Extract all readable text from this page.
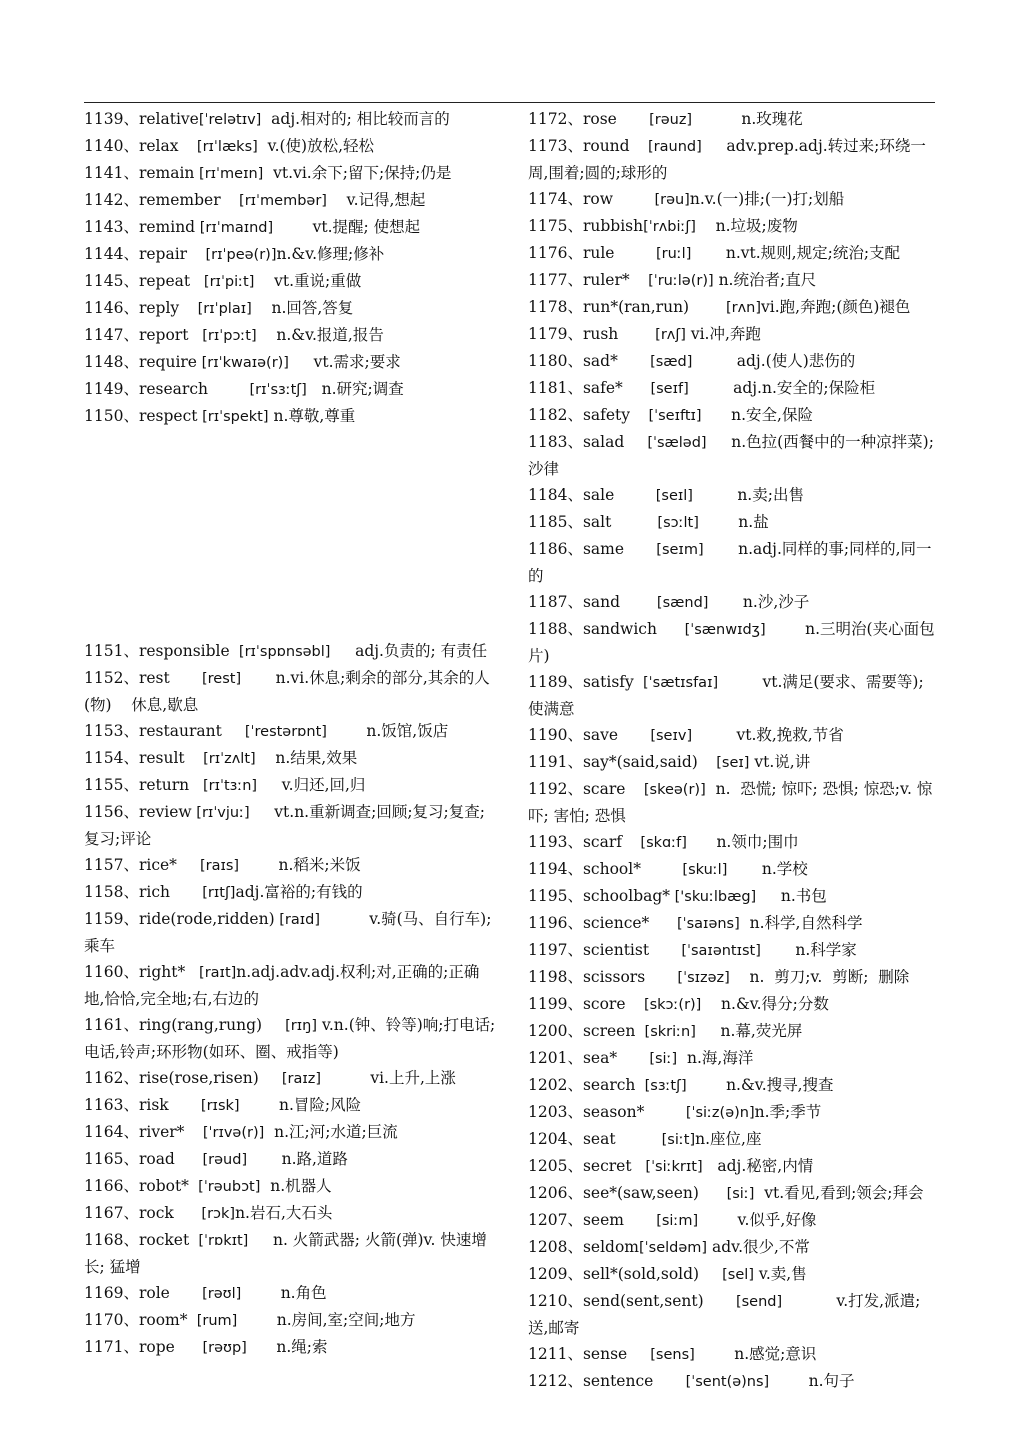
1139、relative[ˈrelətɪv]  adj.相对的; 相比较而言的
1140、relax    [rɪˈlæks]  v.(使)放松,轻松
1141、remain [rɪˈmeɪn]  vt.vi.余下;留下;保持;仍是
1142、remember    [rɪˈmembər]    v.记得,想起
1143、remind [rɪˈmaɪnd]        vt.提醒; 使想起
1144、repair    [rɪˈpeə(r)]n.&v.修理;修补
1145、repeat   [rɪˈpiːt]    vt.重说;重做
1146、reply    [rɪˈplaɪ]    n.回答,答复
1147、report   [rɪˈpɔːt]    n.&v.报道,报告
1148、require [rɪˈkwaɪə(r)]     vt.需求;要求
1149、research         [rɪˈsɜːtʃ]   n.研究;调查
1150、respect [rɪˈspekt] n.尊敬,尊重
1151、responsible  [rɪˈspɒnsəbl]     adj.负责的; 有责任
1152、rest       [rest]       n.vi.休息;剩余的部分,其余的人(物)    休息,歇息
1153、restaurant     [ˈrestərɒnt]        n.饭馆,饭店
1154、result    [rɪˈzʌlt]    n.结果,效果
1155、return   [rɪˈtɜːn]     v.归还,回,归
1156、review [rɪˈvjuː]     vt.n.重新调查;回顾;复习;复查;复习;评论
1157、rice*     [raɪs]        n.稻米;米饭
1158、rich       [rɪtʃ]adj.富裕的;有钱的
1159、ride(rode,ridden) [raɪd]          v.骑(马、自行车);乘车
1160、right*   [raɪt]n.adj.adv.adj.权利;对,正确的;正确地,恰恰,完全地;右,右边的
1161、ring(rang,rung)     [rɪŋ] v.n.(钟、铃等)响;打电话;电话,铃声;环形物(如环、圈、戒指等)
1162、rise(rose,risen)     [raɪz]          vi.上升,上涨
1163、risk       [rɪsk]        n.冒险;风险
1164、river*    [ˈrɪvə(r)]  n.江;河;水道;巨流
1165、road      [rəud]       n.路,道路
1166、robot*  [ˈrəubɔt]  n.机器人
1167、rock      [rɔk]n.岩石,大石头
1168、rocket  [ˈrɒkɪt]     n. 火箭武器; 火箭(弹)v. 快速增长; 猛增
1169、role       [rəʊl]        n.角色
1170、room*  [rum]        n.房间,室;空间;地方
1171、rope      [rəʊp]      n.绳;索
1172、rose       [rəuz]          n.玫瑰花
1173、round    [raund]     adv.prep.adj.转过来;环绕一周,围着;圆的;球形的
1174、row         [rəu]n.v.(一)排;(一)打;划船
1175、rubbish[ˈrʌbiːʃ]    n.垃圾;废物
1176、rule         [ruːl]       n.vt.规则,规定;统治;支配
1177、ruler*    [ˈruːlə(r)] n.统治者;直尺
1178、run*(ran,run)        [rʌn]vi.跑,奔跑;(颜色)褪色
1179、rush        [rʌʃ] vi.冲,奔跑
1180、sad*       [sæd]         adj.(使人)悲伤的
1181、safe*      [seɪf]         adj.n.安全的;保险柜
1182、safety    [ˈseɪftɪ]      n.安全,保险
1183、salad     [ˈsæləd]     n.色拉(西餐中的一种凉拌菜);沙律
1184、sale         [seɪl]         n.卖;出售
1185、salt          [sɔːlt]        n.盐
1186、same       [seɪm]       n.adj.同样的事;同样的,同一的
1187、sand        [sænd]       n.沙,沙子
1188、sandwich      [ˈsænwɪdʒ]        n.三明治(夹心面包片)
1189、satisfy  [ˈsætɪsfaɪ]         vt.满足(要求、需要等); 使满意
1190、save       [seɪv]         vt.救,挽救,节省
1191、say*(said,said)    [seɪ] vt.说,讲
1192、scare    [skeə(r)]  n.  恐慌; 惊吓; 恐惧; 惊恐;v. 惊吓; 害怕; 恐惧
1193、scarf    [skɑːf]      n.领巾;围巾
1194、school*         [skuːl]       n.学校
1195、schoolbag* ['skuːlbæg]     n.书包
1196、science*      [ˈsaɪəns]  n.科学,自然科学
1197、scientist       [ˈsaɪəntɪst]       n.科学家
1198、scissors       [ˈsɪzəz]    n.  剪刀;v.  剪断;  删除
1199、score    [skɔː(r)]    n.&v.得分;分数
1200、screen  [skriːn]     n.幕,荧光屏
1201、sea*       [siː]  n.海,海洋
1202、search  [sɜːtʃ]        n.&v.搜寻,搜查
1203、season*         [ˈsiːz(ə)n]n.季;季节
1204、seat          [siːt]n.座位,座
1205、secret   [ˈsiːkrɪt]   adj.秘密,内情
1206、see*(saw,seen)      [siː]  vt.看见,看到;领会;拜会
1207、seem       [siːm]        v.似乎,好像
1208、seldom[ˈseldəm] adv.很少,不常
1209、sell*(sold,sold)     [sel] v.卖,售
1210、send(sent,sent)       [send]           v.打发,派遣;送,邮寄
1211、sense     [sens]        n.感觉;意识
1212、sentence       [ˈsent(ə)ns]        n.句子
